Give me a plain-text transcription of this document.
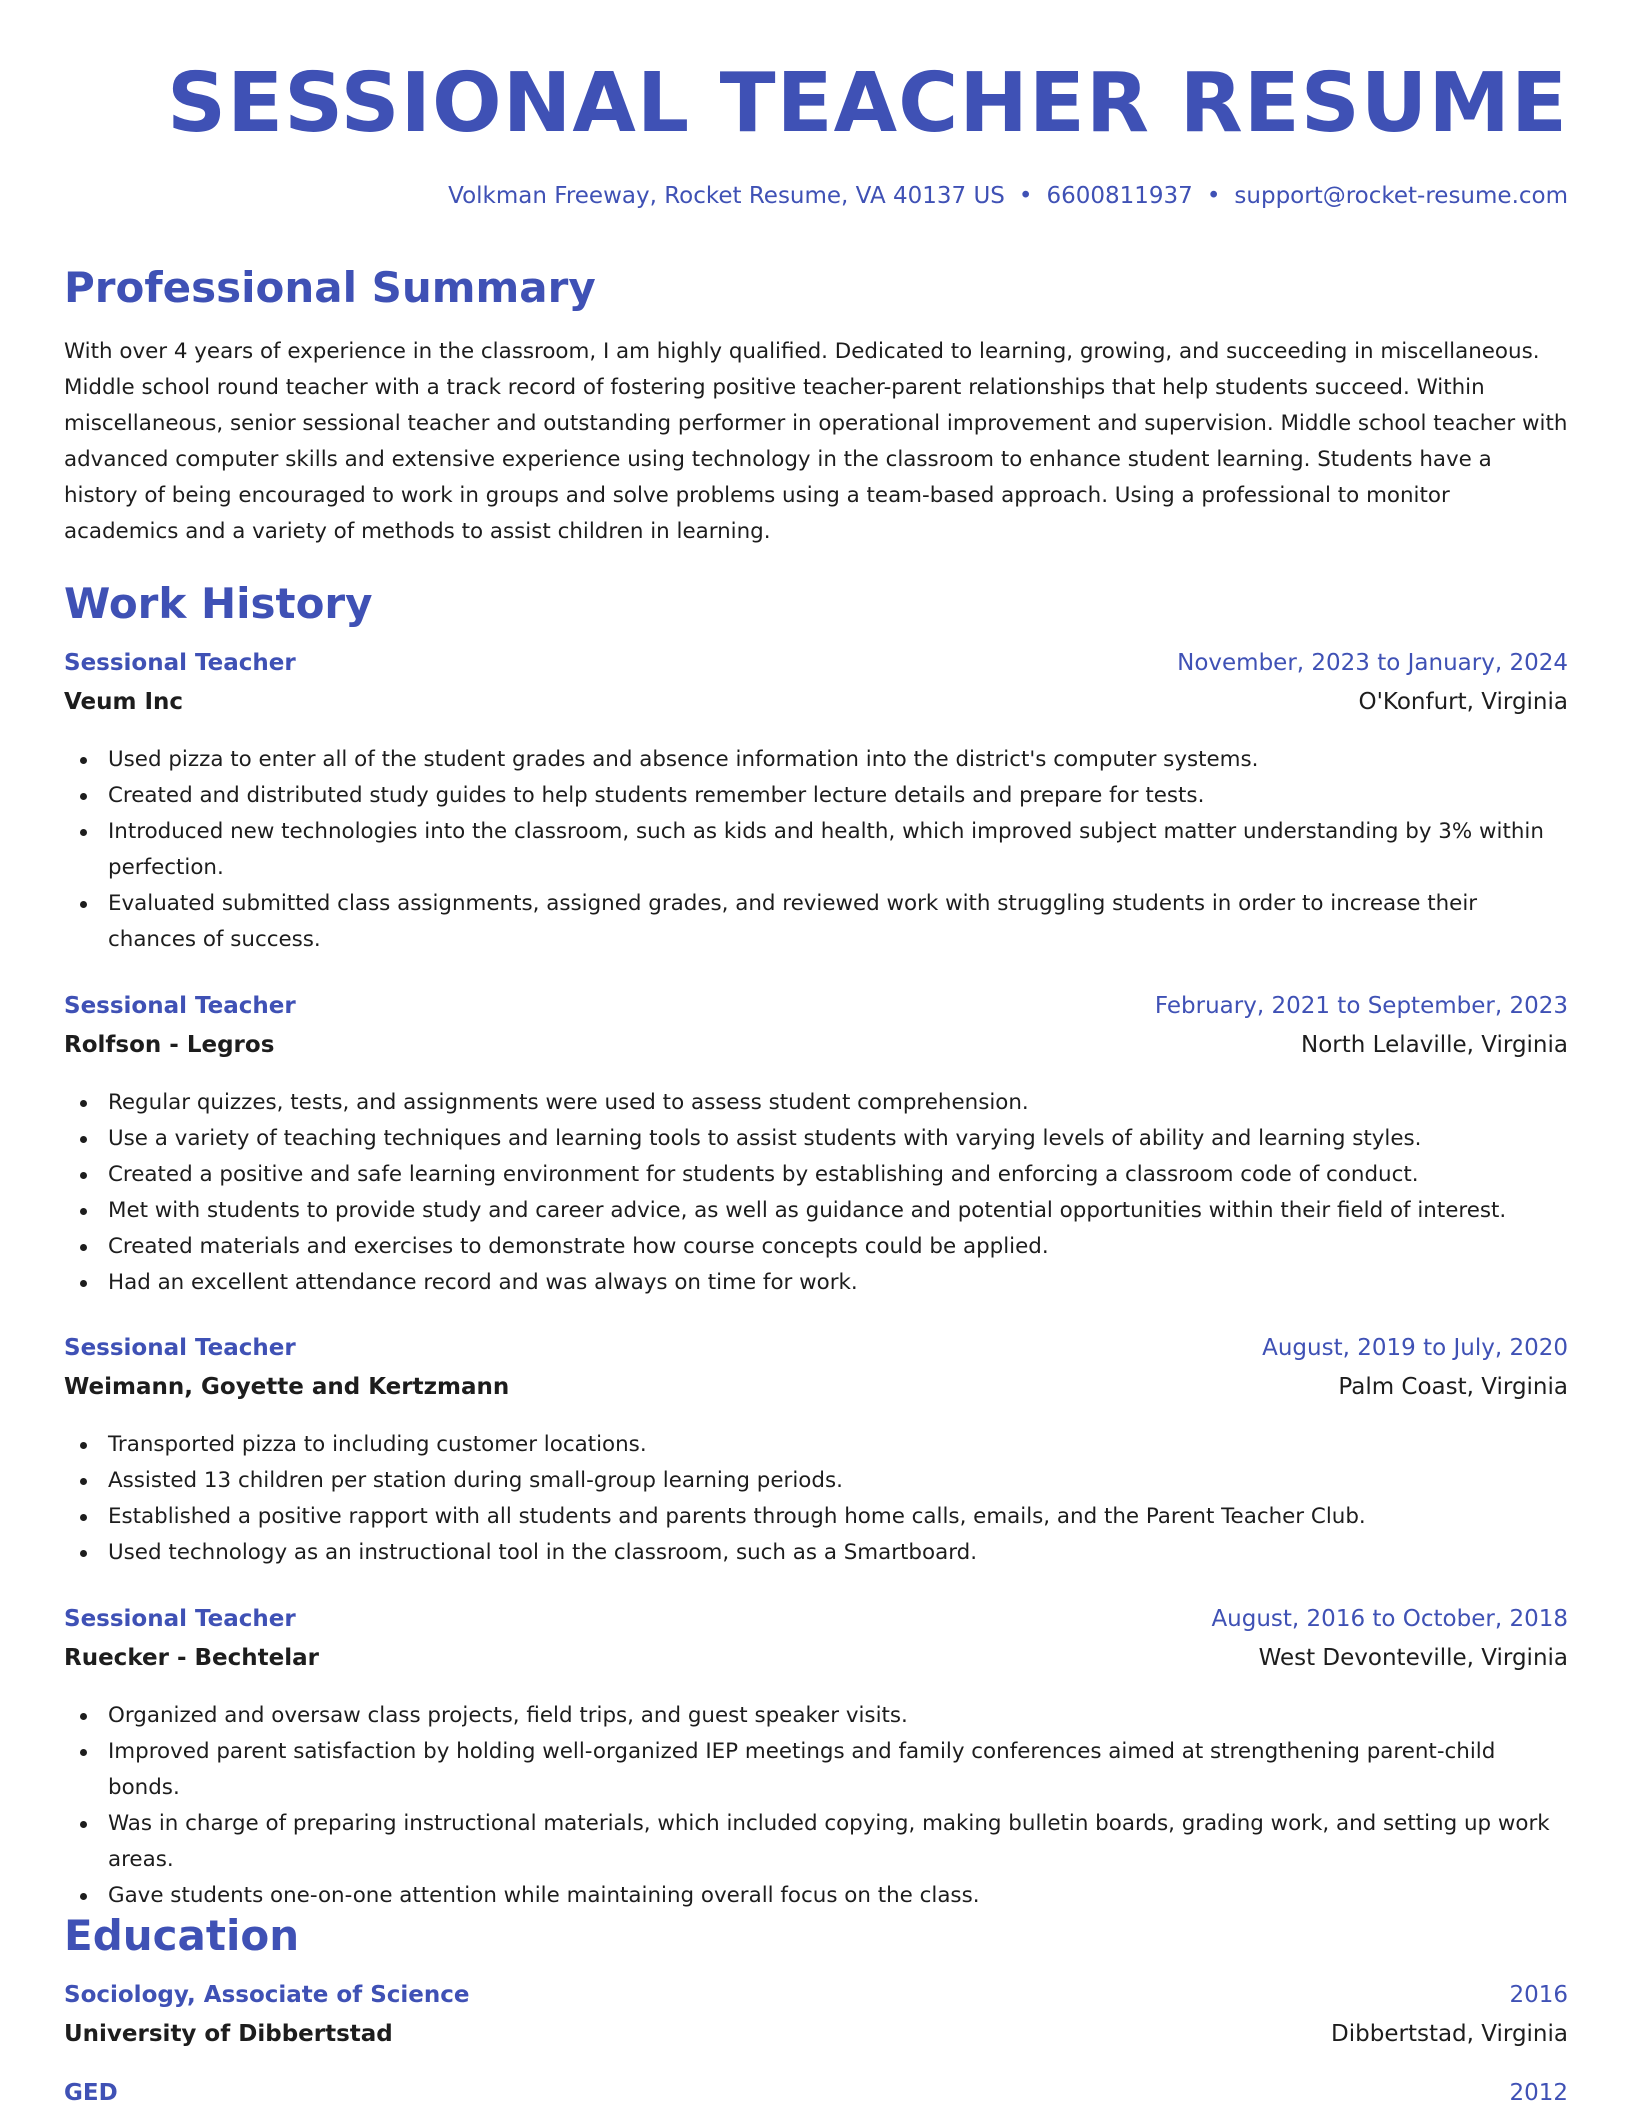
SESSIONAL TEACHER RESUME
Volkman Freeway, Rocket Resume, VA 40137 US • 6600811937 • support@rocket-resume.com
Professional Summary

With over 4 years of experience in the classroom, I am highly qualified. Dedicated to learning, growing, and succeeding in miscellaneous. Middle school round teacher with a track record of fostering positive teacher-parent relationships that help students succeed. Within miscellaneous, senior sessional teacher and outstanding performer in operational improvement and supervision. Middle school teacher with advanced computer skills and extensive experience using technology in the classroom to enhance student learning. Students have a history of being encouraged to work in groups and solve problems using a team-based approach. Using a professional to monitor academics and a variety of methods to assist children in learning.

Work History
Sessional Teacher	November, 2023 to January, 2024
Veum Inc	O'Konfurt, Virginia
Used pizza to enter all of the student grades and absence information into the district's computer systems.
Created and distributed study guides to help students remember lecture details and prepare for tests.
Introduced new technologies into the classroom, such as kids and health, which improved subject matter understanding by 3% within perfection.
Evaluated submitted class assignments, assigned grades, and reviewed work with struggling students in order to increase their chances of success.
Sessional Teacher	February, 2021 to September, 2023
Rolfson - Legros	North Lelaville, Virginia
Regular quizzes, tests, and assignments were used to assess student comprehension.
Use a variety of teaching techniques and learning tools to assist students with varying levels of ability and learning styles.
Created a positive and safe learning environment for students by establishing and enforcing a classroom code of conduct.
Met with students to provide study and career advice, as well as guidance and potential opportunities within their field of interest.
Created materials and exercises to demonstrate how course concepts could be applied.
Had an excellent attendance record and was always on time for work.
Sessional Teacher	August, 2019 to July, 2020
Weimann, Goyette and Kertzmann	Palm Coast, Virginia
Transported pizza to including customer locations.
Assisted 13 children per station during small-group learning periods.
Established a positive rapport with all students and parents through home calls, emails, and the Parent Teacher Club.
Used technology as an instructional tool in the classroom, such as a Smartboard.
Sessional Teacher	August, 2016 to October, 2018
Ruecker - Bechtelar	West Devonteville, Virginia
Organized and oversaw class projects, field trips, and guest speaker visits.
Improved parent satisfaction by holding well-organized IEP meetings and family conferences aimed at strengthening parent-child bonds.
Was in charge of preparing instructional materials, which included copying, making bulletin boards, grading work, and setting up work areas.
Gave students one-on-one attention while maintaining overall focus on the class.
Education
Sociology, Associate of Science	2016
University of Dibbertstad	Dibbertstad, Virginia
GED	2012
